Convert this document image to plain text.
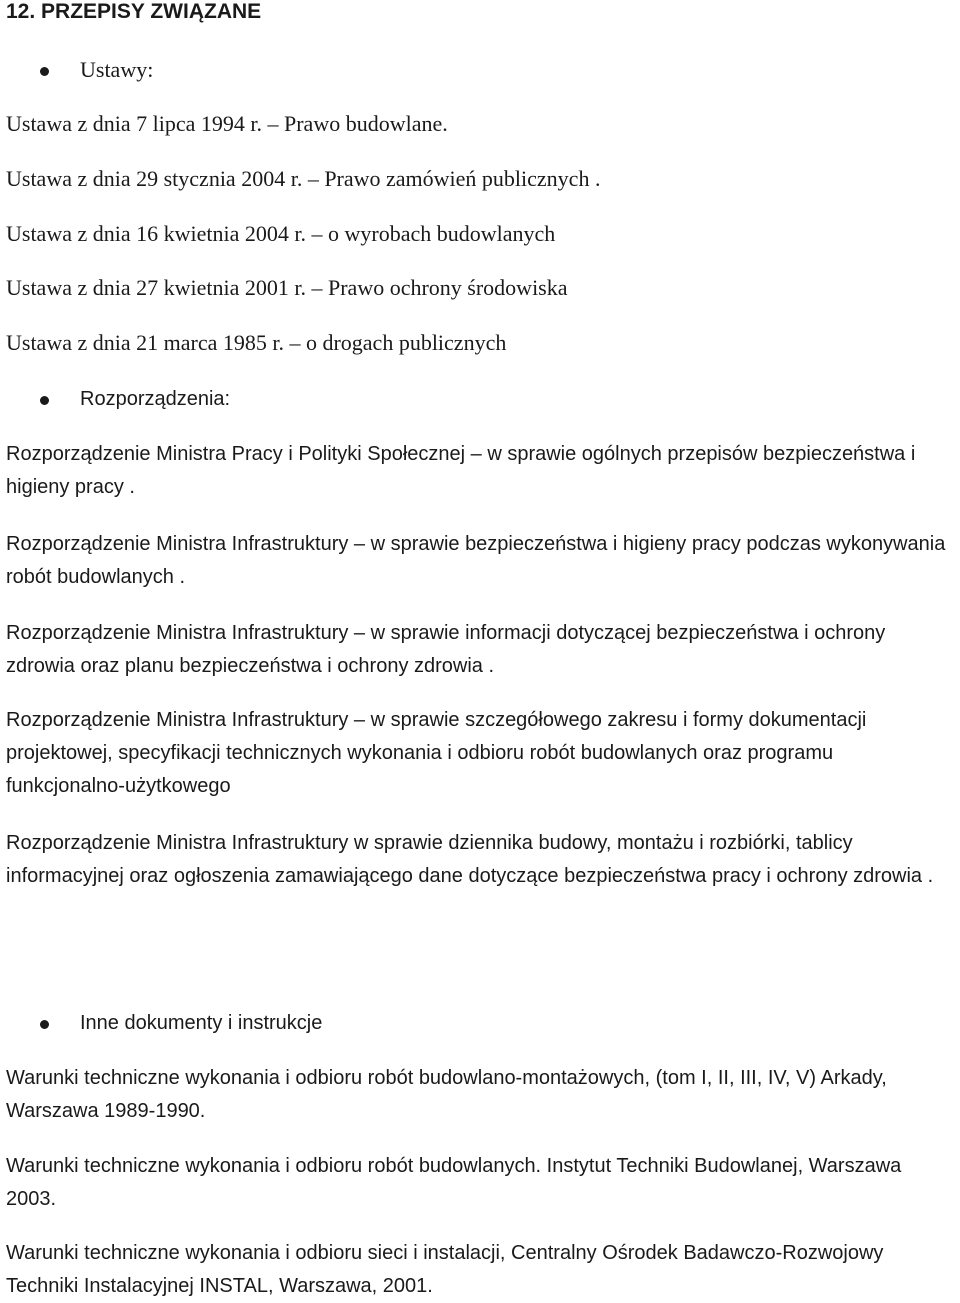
12. PRZEPISY ZWIĄZANE
Ustawy:

Ustawa z dnia 7 lipca 1994 r. – Prawo budowlane.

Ustawa z dnia 29 stycznia 2004 r. – Prawo zamówień publicznych .

Ustawa z dnia 16 kwietnia 2004 r. – o wyrobach budowlanych

Ustawa z dnia 27 kwietnia 2001 r. – Prawo ochrony środowiska

Ustawa z dnia 21 marca 1985 r. – o drogach publicznych

Rozporządzenia:

Rozporządzenie Ministra Pracy i Polityki Społecznej – w sprawie ogólnych przepisów bezpieczeństwa i higieny pracy .

Rozporządzenie Ministra Infrastruktury – w sprawie bezpieczeństwa i higieny pracy podczas wykonywania robót budowlanych .

Rozporządzenie Ministra Infrastruktury – w sprawie informacji dotyczącej bezpieczeństwa i ochrony zdrowia oraz planu bezpieczeństwa i ochrony zdrowia .

Rozporządzenie Ministra Infrastruktury – w sprawie szczegółowego zakresu i formy dokumentacji projektowej, specyfikacji technicznych wykonania i odbioru robót budowlanych oraz programu funkcjonalno-użytkowego

Rozporządzenie Ministra Infrastruktury w sprawie dziennika budowy, montażu i rozbiórki, tablicy informacyjnej oraz ogłoszenia zamawiającego dane dotyczące bezpieczeństwa pracy i ochrony zdrowia .

Inne dokumenty i instrukcje

Warunki techniczne wykonania i odbioru robót budowlano-montażowych, (tom I, II, III, IV, V) Arkady, Warszawa 1989-1990.

Warunki techniczne wykonania i odbioru robót budowlanych. Instytut Techniki Budowlanej, Warszawa 2003.

Warunki techniczne wykonania i odbioru sieci i instalacji, Centralny Ośrodek Badawczo-Rozwojowy Techniki Instalacyjnej INSTAL, Warszawa, 2001.
